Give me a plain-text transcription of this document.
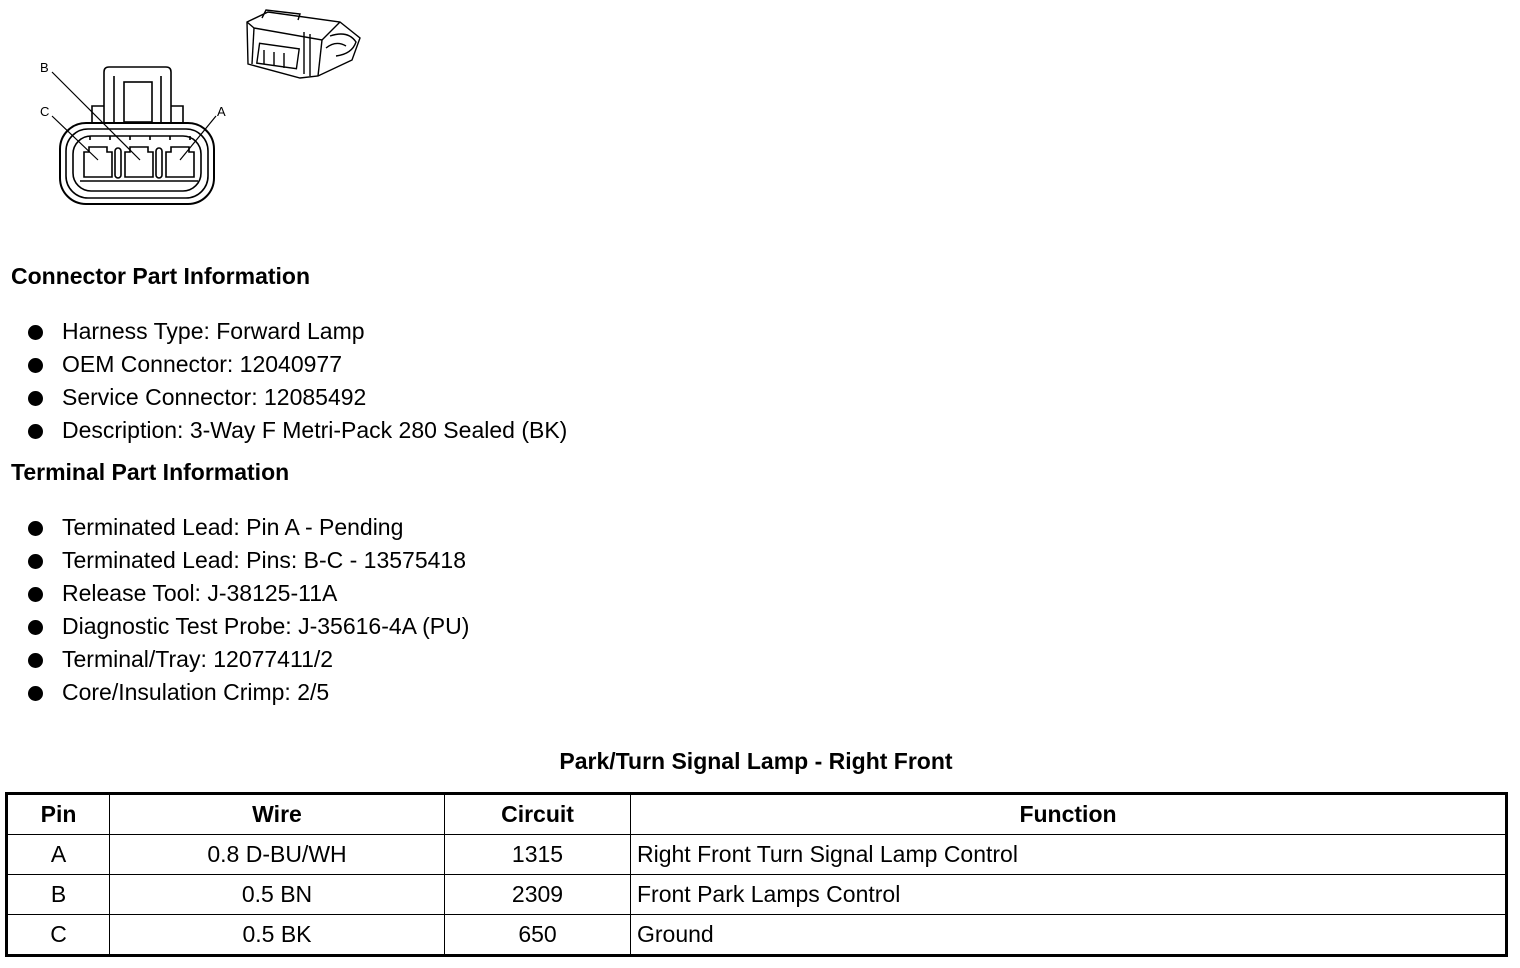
B
C	A
Connector Part Information
Harness Type: Forward Lamp
OEM Connector: 12040977
Service Connector: 12085492
Description: 3-Way F Metri-Pack 280 Sealed (BK)
Terminal Part Information
Terminated Lead: Pin A - Pending
Terminated Lead: Pins: B-C - 13575418
Release Tool: J-38125-11A
Diagnostic Test Probe: J-35616-4A (PU)
Terminal/Tray: 12077411/2
Core/Insulation Crimp: 2/5
Park/Turn Signal Lamp - Right Front
Pin	Wire	Circuit	Function
A	0.8 D-BU/WH	1315	Right Front Turn Signal Lamp Control
B	0.5 BN	2309	Front Park Lamps Control
C	0.5 BK	650	Ground
